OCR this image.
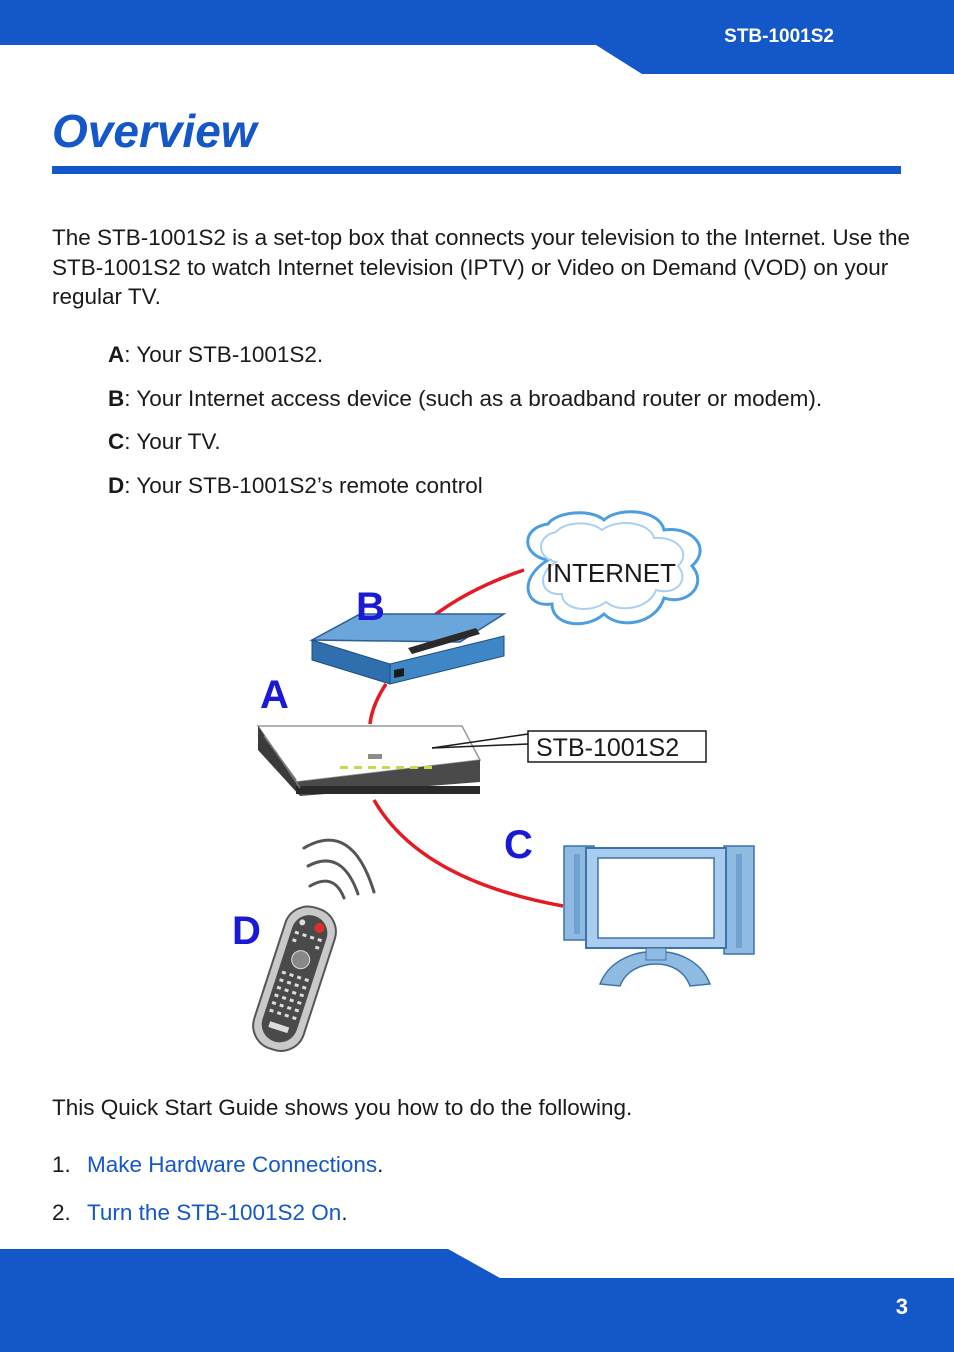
STB-1001S2
Overview

The STB-1001S2 is a set-top box that connects your television to the Internet. Use the STB-1001S2 to watch Internet television (IPTV) or Video on Demand (VOD) on your regular TV.

A: Your STB-1001S2.
B: Your Internet access device (such as a broadband router or modem).
C: Your TV.
D: Your STB-1001S2’s remote control
INTERNET
STB-1001S2
B
A
C
D

This Quick Start Guide shows you how to do the following.

1. Make Hardware Connections.
2. Turn the STB-1001S2 On.
3
